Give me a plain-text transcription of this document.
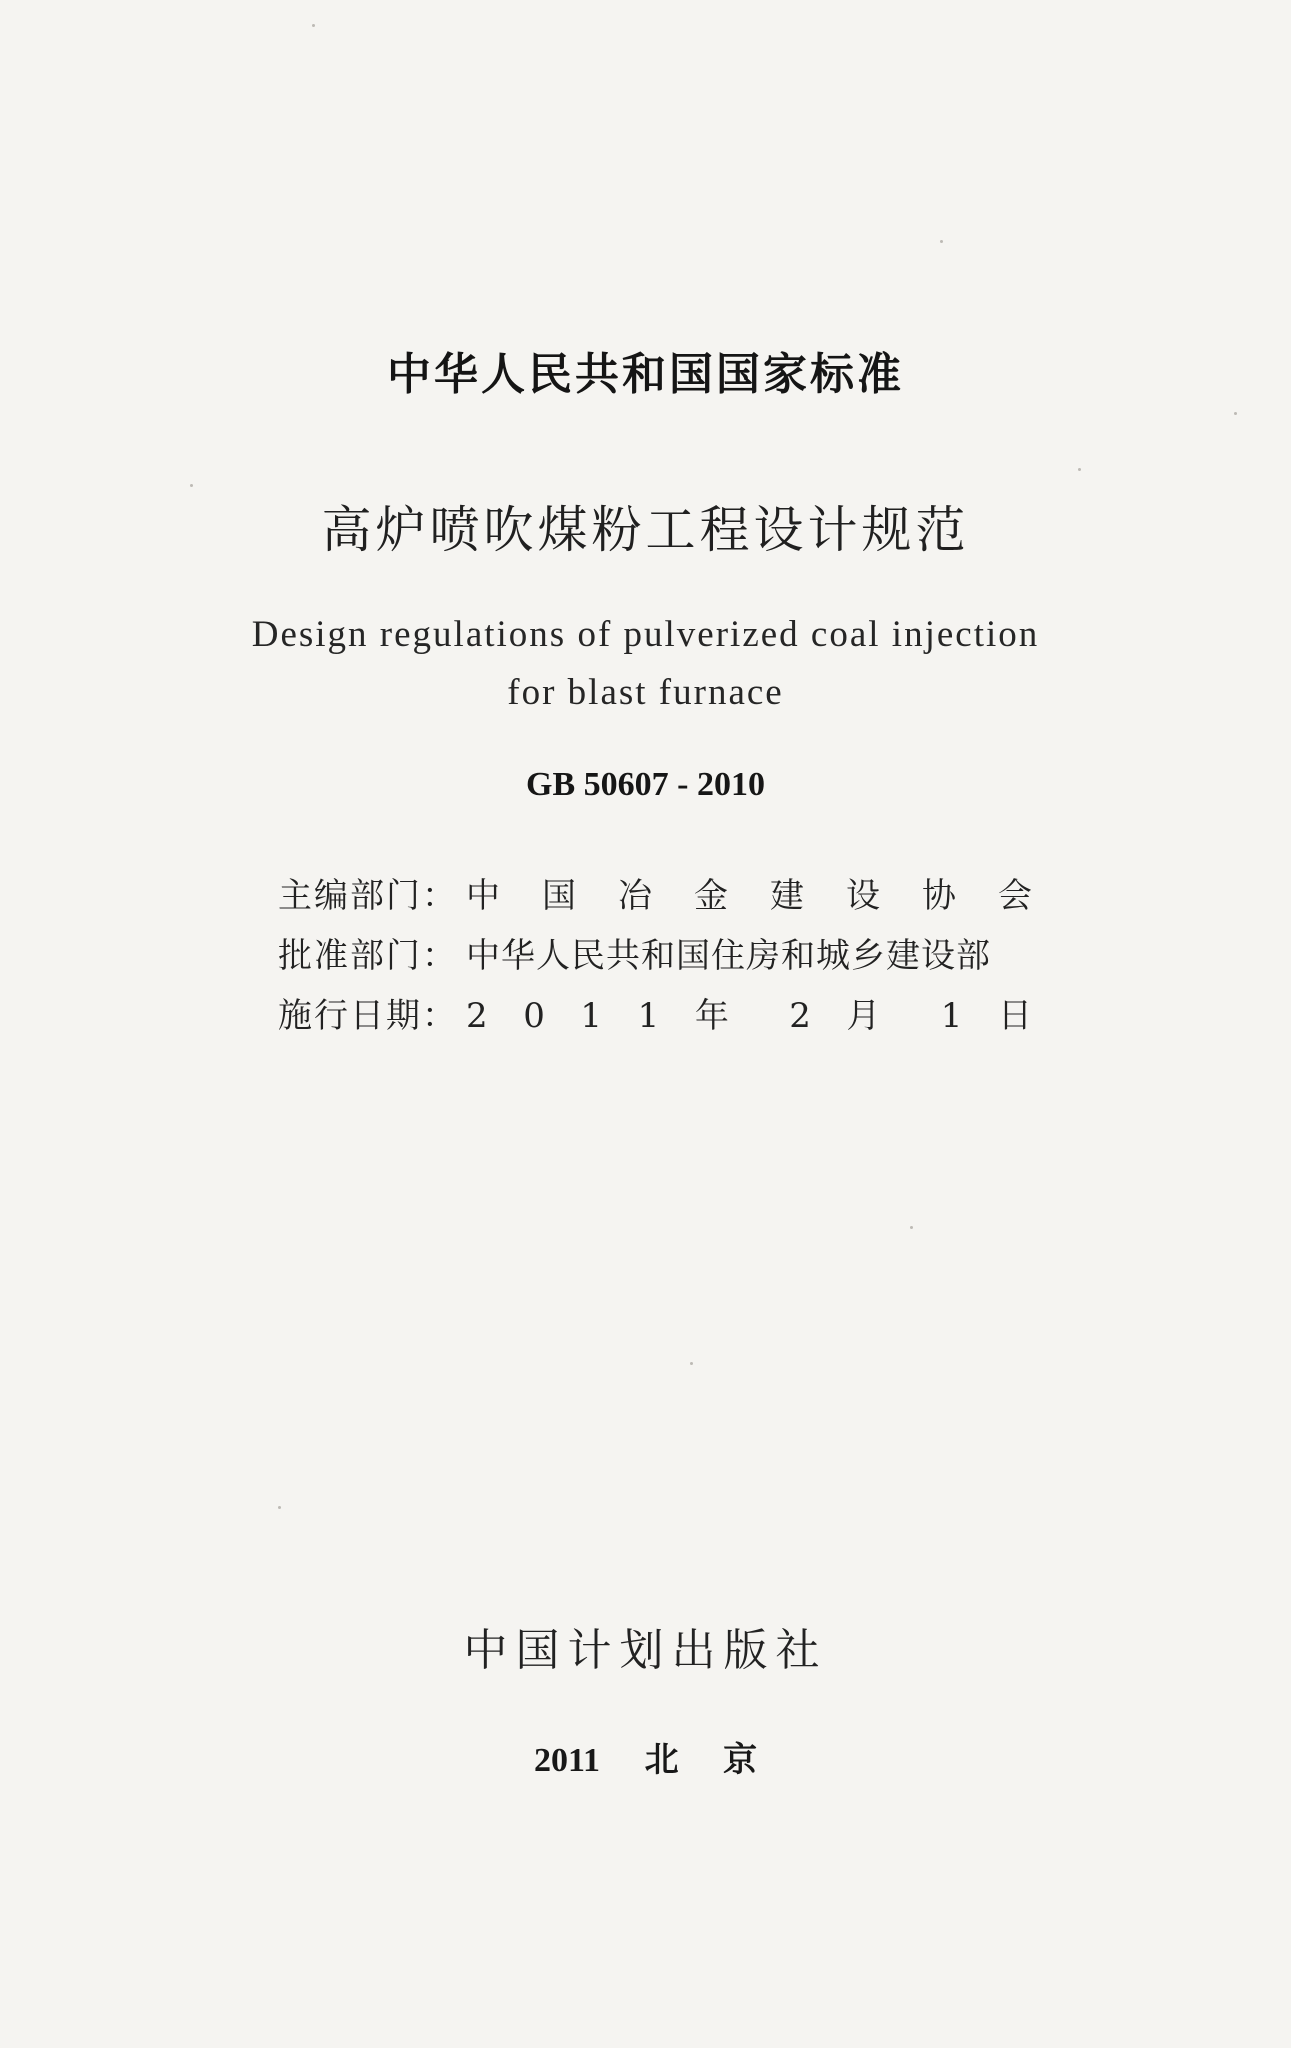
中华人民共和国国家标准
高炉喷吹煤粉工程设计规范
Design regulations of pulverized coal injection
for blast furnace
GB 50607 - 2010
主编部门： 中 国 冶 金 建 设 协 会
批准部门： 中华人民共和国住房和城乡建设部
施行日期： 2 0 1 1 年 2 月 1 日
中国计划出版社
2011 北 京
